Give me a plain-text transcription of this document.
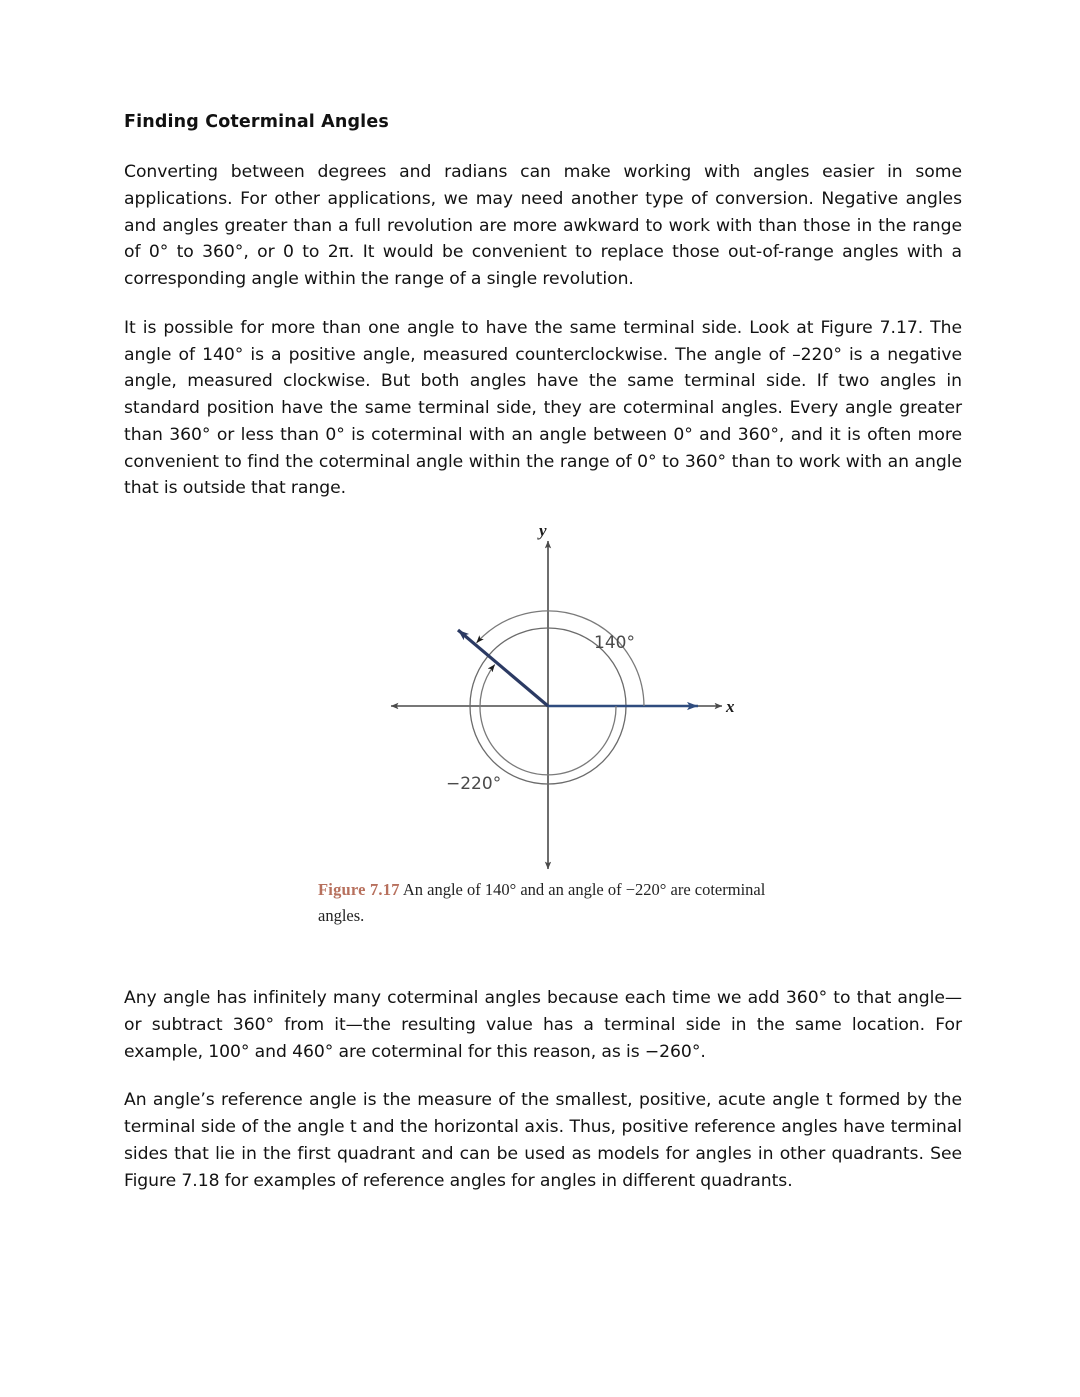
Finding Coterminal Angles

Converting between degrees and radians can make working with angles easier in some applications. For other applications, we may need another type of conversion. Negative angles and angles greater than a full revolution are more awkward to work with than those in the range of 0° to 360°, or 0 to 2π. It would be convenient to replace those out-of-range angles with a corresponding angle within the range of a single revolution.

It is possible for more than one angle to have the same terminal side. Look at Figure 7.17. The angle of 140° is a positive angle, measured counterclockwise. The angle of –220° is a negative angle, measured clockwise. But both angles have the same terminal side. If two angles in standard position have the same terminal side, they are coterminal angles. Every angle greater than 360° or less than 0° is coterminal with an angle between 0° and 360°, and it is often more convenient to find the coterminal angle within the range of 0° to 360° than to work with an angle that is outside that range.

x
y
140°
−220°
Figure 7.17 An angle of 140° and an angle of −220° are coterminal angles.

Any angle has infinitely many coterminal angles because each time we add 360° to that angle—or subtract 360° from it—the resulting value has a terminal side in the same location. For example, 100° and 460° are coterminal for this reason, as is −260°.

An angle’s reference angle is the measure of the smallest, positive, acute angle t formed by the terminal side of the angle t and the horizontal axis. Thus, positive reference angles have terminal sides that lie in the first quadrant and can be used as models for angles in other quadrants. See Figure 7.18 for examples of reference angles for angles in different quadrants.
